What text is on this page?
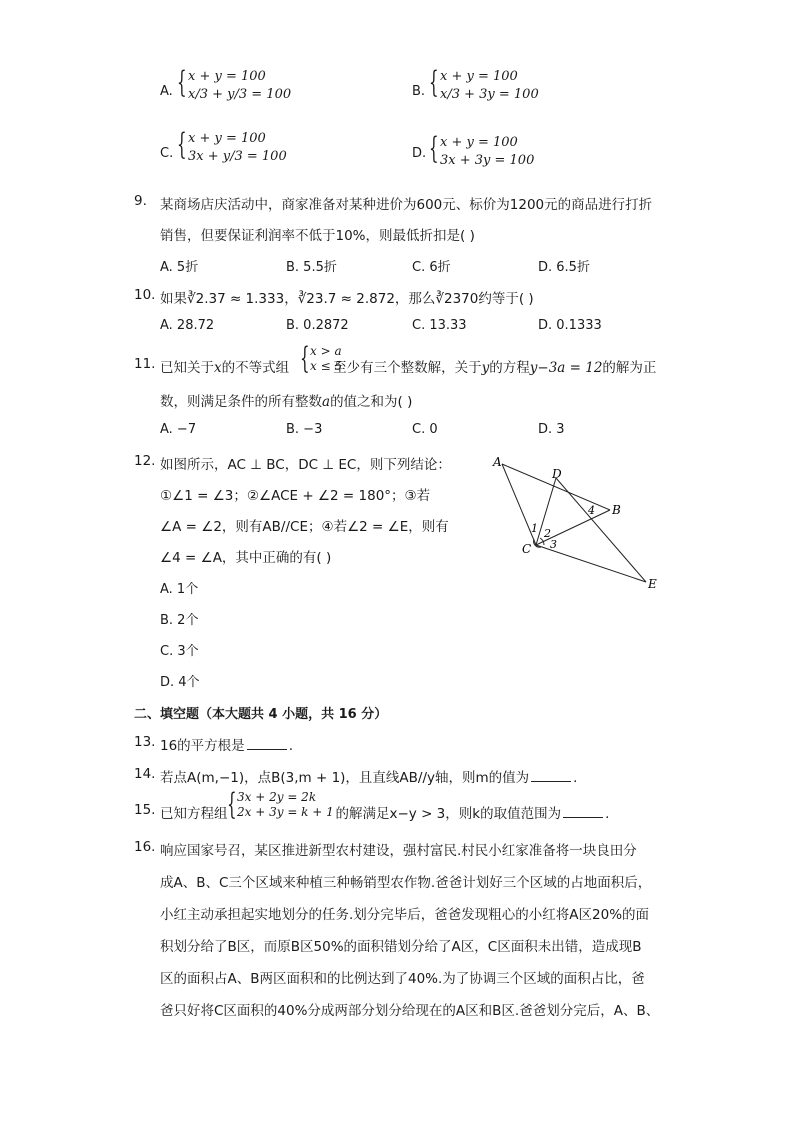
A. { x + y = 100
x/3 + y/3 = 100	B. { x + y = 100
x/3 + 3y = 100
C. { x + y = 100
3x + y/3 = 100	D. { x + y = 100
3x + 3y = 100
9. 某商场店庆活动中，商家准备对某种进价为600元、标价为1200元的商品进行打折
销售，但要保证利润率不低于10%，则最低折扣是( )
A. 5折	B. 5.5折	C. 6折	D. 6.5折
10. 如果∛2.37 ≈ 1.333，∛23.7 ≈ 2.872，那么∛2370约等于( )
A. 28.72	B. 0.2872	C. 13.33	D. 0.1333
11. 已知关于x的不等式组	至少有三个整数解，关于y的方程y−3a = 12的解为正
{ x > a
x ≤ 5
数，则满足条件的所有整数a的值之和为( )
A. −7	B. −3	C. 0	D. 3
12. 如图所示，AC ⊥ BC，DC ⊥ EC，则下列结论：
①∠1 = ∠3；②∠ACE + ∠2 = 180°；③若
∠A = ∠2，则有AB//CE；④若∠2 = ∠E，则有
∠4 = ∠A，其中正确的有( )
A. 1个
B. 2个
C. 3个
D. 4个
A
D
B
C
E
1 2
3
4
二、填空题（本大题共 4 小题，共 16 分）
13. 16的平方根是	.
14. 若点A(m,−1)，点B(3,m + 1)，且直线AB//y轴，则m的值为	.
15. 已知方程组	的解满足x−y > 3，则k的取值范围为	.
{ 3x + 2y = 2k
2x + 3y = k + 1
16. 响应国家号召，某区推进新型农村建设，强村富民.村民小红家准备将一块良田分
成A、B、C三个区域来种植三种畅销型农作物.爸爸计划好三个区域的占地面积后，
小红主动承担起实地划分的任务.划分完毕后，爸爸发现粗心的小红将A区20%的面
积划分给了B区，而原B区50%的面积错划分给了A区，C区面积未出错，造成现B
区的面积占A、B两区面积和的比例达到了40%.为了协调三个区域的面积占比，爸
爸只好将C区面积的40%分成两部分划分给现在的A区和B区.爸爸划分完后，A、B、
